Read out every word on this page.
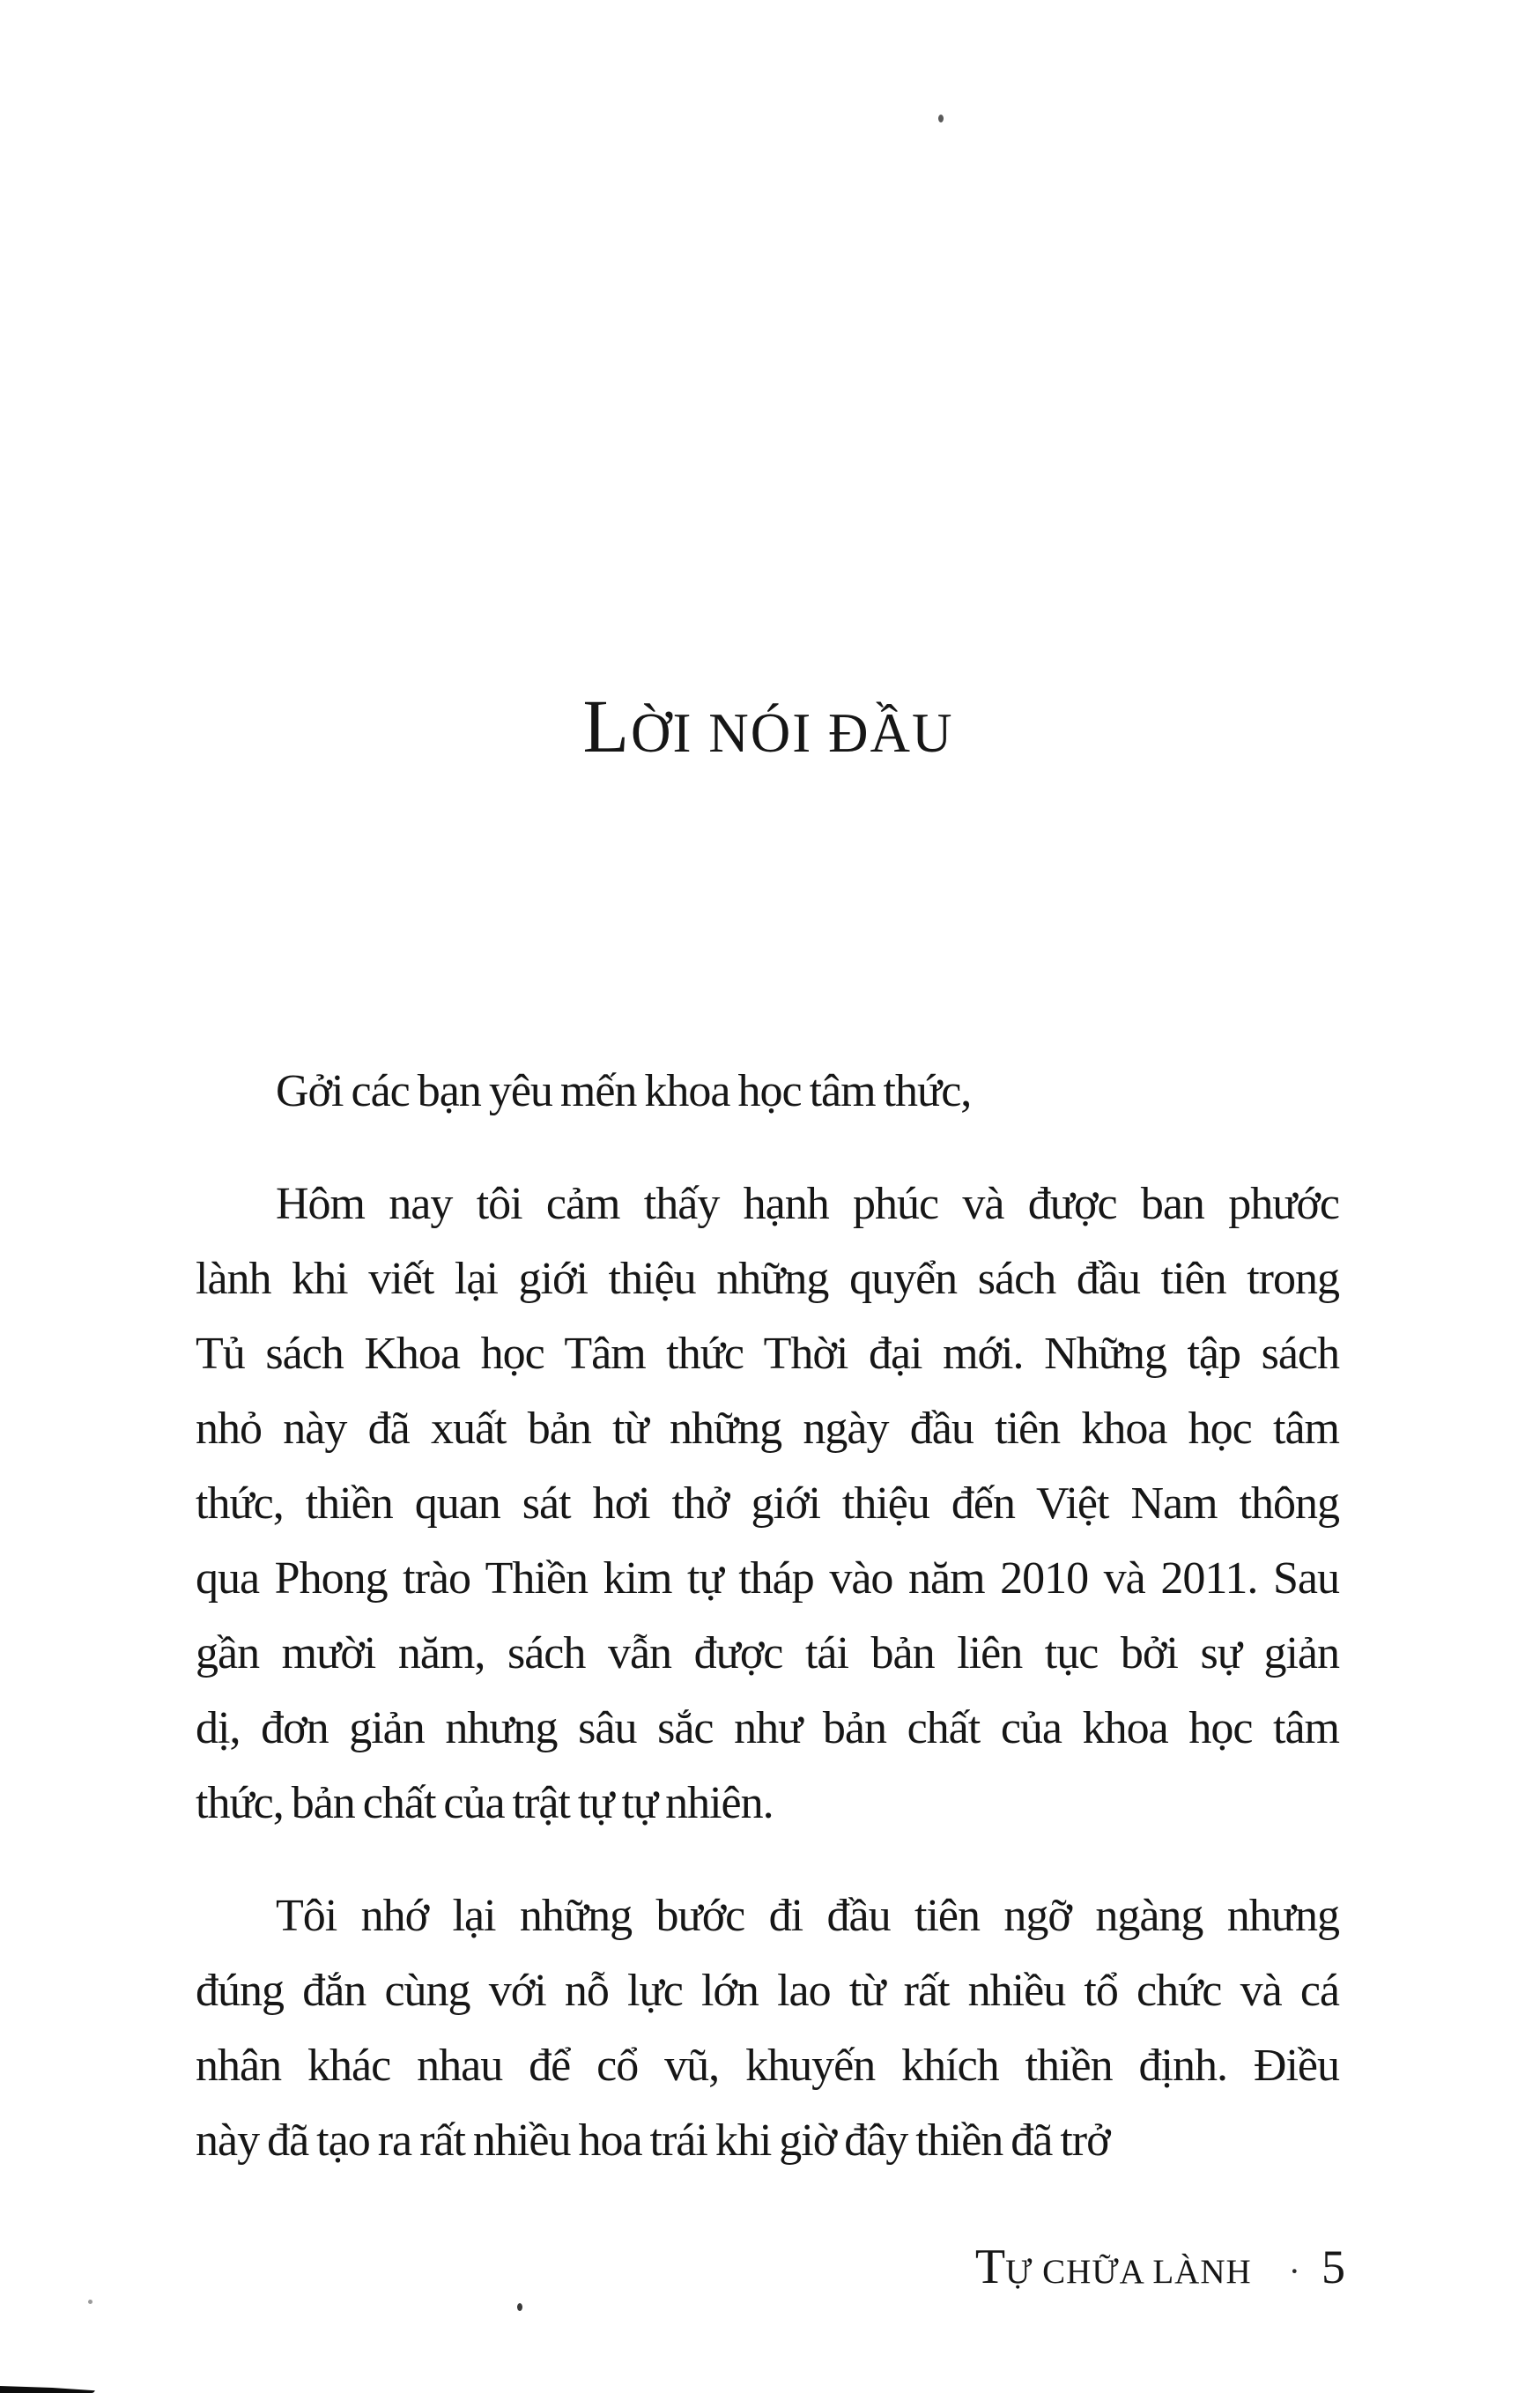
LỜI NÓI ĐẦU
Gởi các bạn yêu mến khoa học tâm thức,
Hôm nay tôi cảm thấy hạnh phúc và được ban phước
lành khi viết lại giới thiệu những quyển sách đầu tiên trong
Tủ sách Khoa học Tâm thức Thời đại mới. Những tập sách
nhỏ này đã xuất bản từ những ngày đầu tiên khoa học tâm
thức, thiền quan sát hơi thở giới thiệu đến Việt Nam thông
qua Phong trào Thiền kim tự tháp vào năm 2010 và 2011. Sau
gần mười năm, sách vẫn được tái bản liên tục bởi sự giản
dị, đơn giản nhưng sâu sắc như bản chất của khoa học tâm
thức, bản chất của trật tự tự nhiên.
Tôi nhớ lại những bước đi đầu tiên ngỡ ngàng nhưng
đúng đắn cùng với nỗ lực lớn lao từ rất nhiều tổ chức và cá
nhân khác nhau để cổ vũ, khuyến khích thiền định. Điều
này đã tạo ra rất nhiều hoa trái khi giờ đây thiền đã trở
TỰ CHỮA LÀNH · 5
